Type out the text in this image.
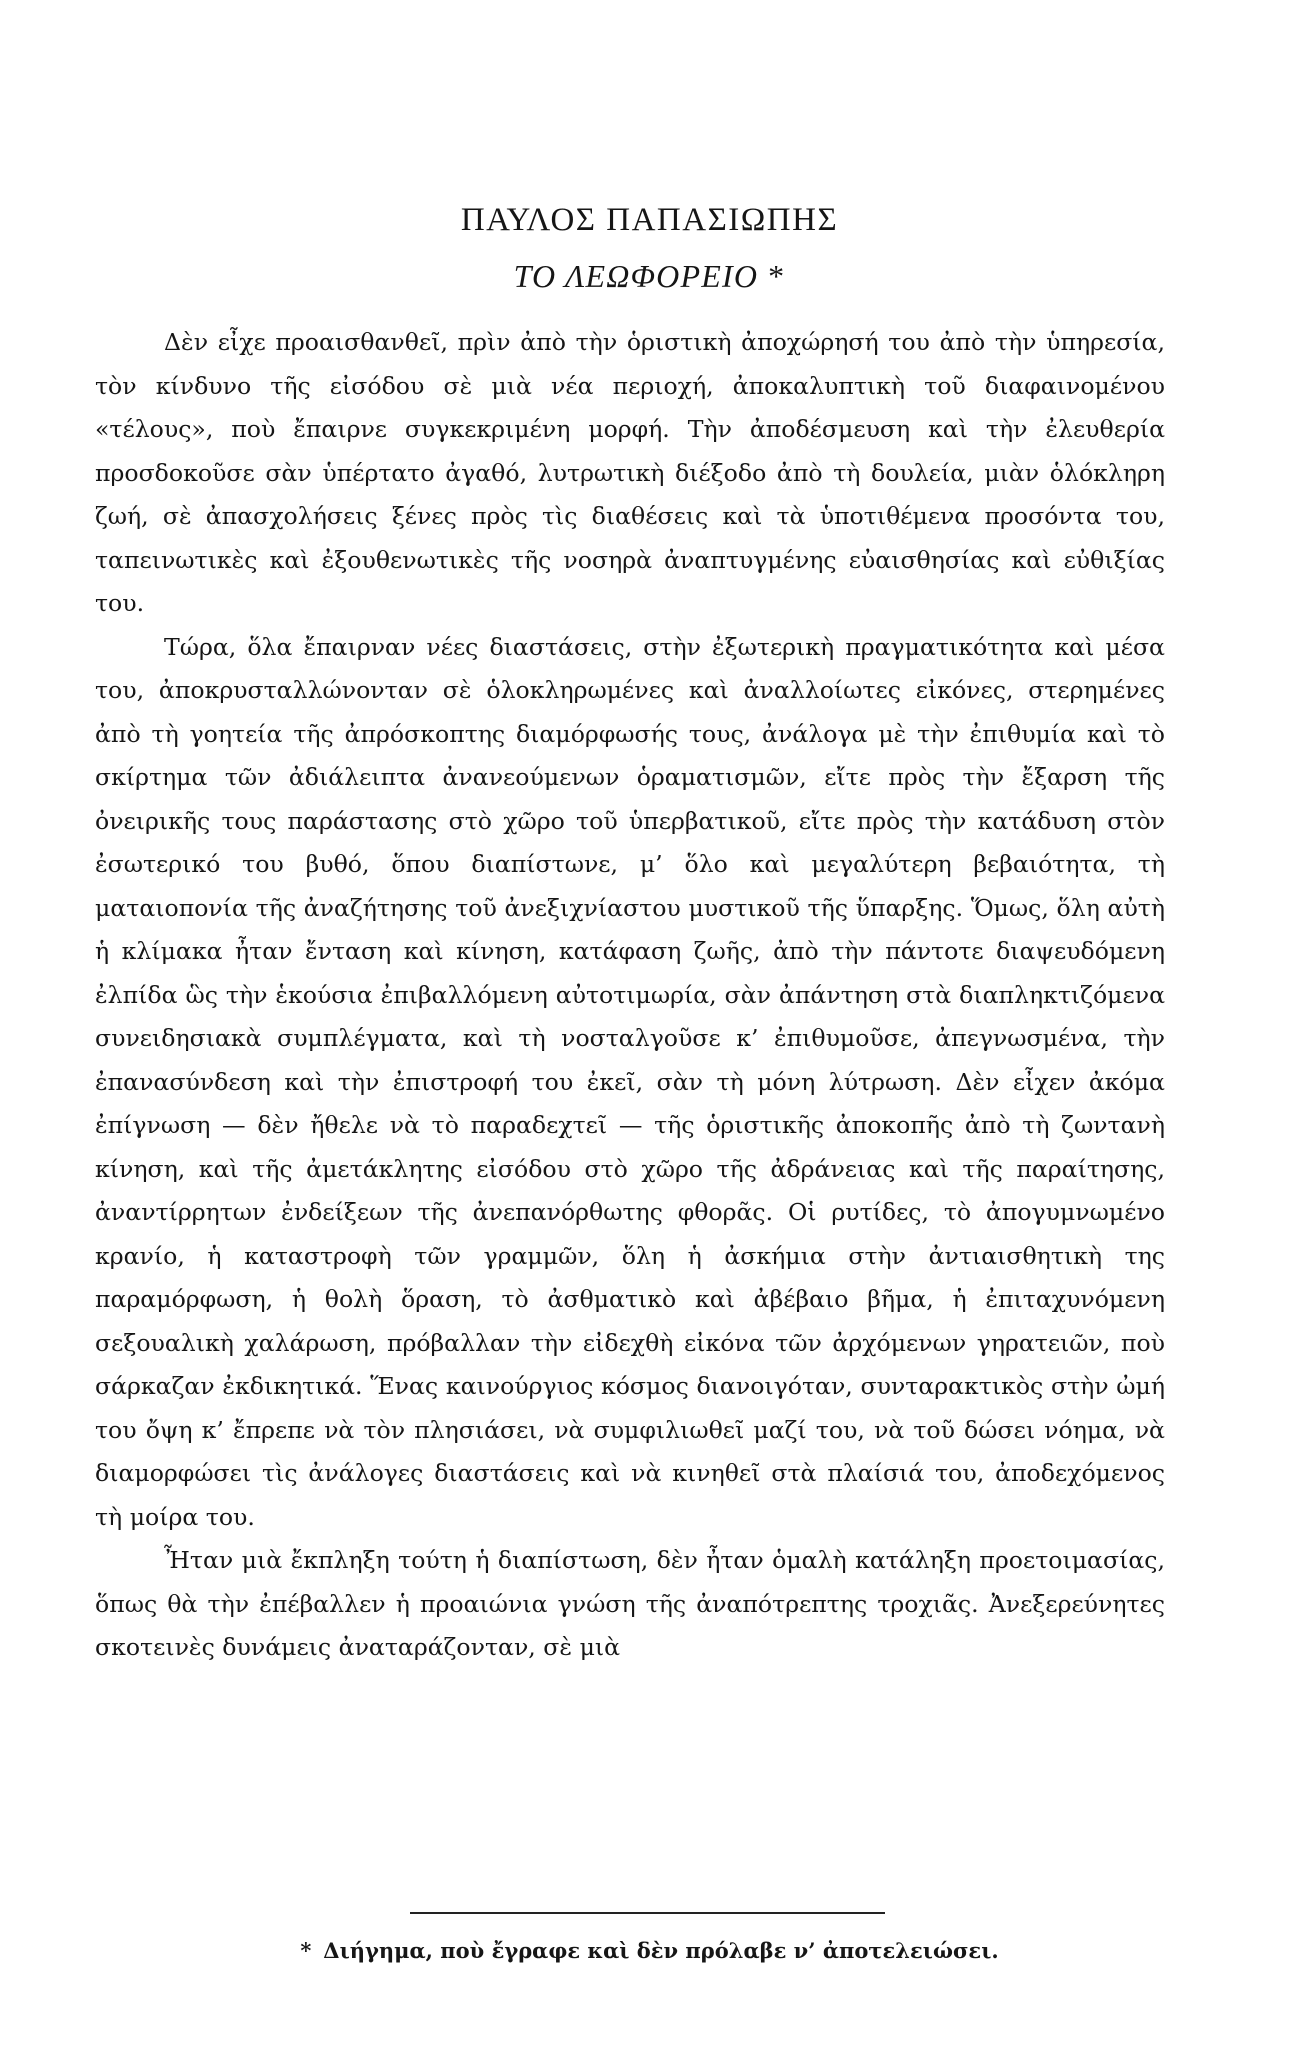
ΠΑΥΛΟΣ ΠΑΠΑΣΙΩΠΗΣ
ΤΟ ΛΕΩΦΟΡΕΙΟ *

Δὲν εἶχε προαισθανθεῖ, πρὶν ἀπὸ τὴν ὁριστικὴ ἀποχώρησή του ἀπὸ τὴν ὑπηρεσία, τὸν κίνδυνο τῆς εἰσόδου σὲ μιὰ νέα περιοχή, ἀποκαλυπτικὴ τοῦ διαφαινομένου «τέλους», ποὺ ἔπαιρνε συγκεκριμένη μορφή. Τὴν ἀποδέσμευση καὶ τὴν ἐλευθερία προσδοκοῦσε σὰν ὑπέρτατο ἀγαθό, λυτρωτικὴ διέξοδο ἀπὸ τὴ δουλεία, μιὰν ὁλόκληρη ζωή, σὲ ἀπασχολήσεις ξένες πρὸς τὶς διαθέσεις καὶ τὰ ὑποτιθέμενα προσόντα του, ταπεινωτικὲς καὶ ἐξουθενωτικὲς τῆς νοσηρὰ ἀναπτυγμένης εὐαισθησίας καὶ εὐθιξίας του.

Τώρα, ὅλα ἔπαιρναν νέες διαστάσεις, στὴν ἐξωτερικὴ πραγματικότητα καὶ μέσα του, ἀποκρυσταλλώνονταν σὲ ὁλοκληρωμένες καὶ ἀναλλοίωτες εἰκόνες, στερημένες ἀπὸ τὴ γοητεία τῆς ἀπρόσκοπτης διαμόρφωσής τους, ἀνάλογα μὲ τὴν ἐπιθυμία καὶ τὸ σκίρτημα τῶν ἀδιάλειπτα ἀνανεούμενων ὁραματισμῶν, εἴτε πρὸς τὴν ἔξαρση τῆς ὀνειρικῆς τους παράστασης στὸ χῶρο τοῦ ὑπερβατικοῦ, εἴτε πρὸς τὴν κατάδυση στὸν ἐσωτερικό του βυθό, ὅπου διαπίστωνε, μ’ ὅλο καὶ μεγαλύτερη βεβαιότητα, τὴ ματαιοπονία τῆς ἀναζήτησης τοῦ ἀνεξιχνίαστου μυστικοῦ τῆς ὕπαρξης. Ὅμως, ὅλη αὐτὴ ἡ κλίμακα ἦταν ἔνταση καὶ κίνηση, κατάφαση ζωῆς, ἀπὸ τὴν πάντοτε διαψευδόμενη ἐλπίδα ὣς τὴν ἑκούσια ἐπιβαλλόμενη αὐτοτιμωρία, σὰν ἀπάντηση στὰ διαπληκτιζόμενα συνειδησιακὰ συμπλέγματα, καὶ τὴ νοσταλγοῦσε κ’ ἐπιθυμοῦσε, ἀπεγνωσμένα, τὴν ἐπανασύνδεση καὶ τὴν ἐπιστροφή του ἐκεῖ, σὰν τὴ μόνη λύτρωση. Δὲν εἶχεν ἀκόμα ἐπίγνωση — δὲν ἤθελε νὰ τὸ παραδεχτεῖ — τῆς ὁριστικῆς ἀποκοπῆς ἀπὸ τὴ ζωντανὴ κίνηση, καὶ τῆς ἀμετάκλητης εἰσόδου στὸ χῶρο τῆς ἀδράνειας καὶ τῆς παραίτησης, ἀναντίρρητων ἐνδείξεων τῆς ἀνεπανόρθωτης φθορᾶς. Οἱ ρυτίδες, τὸ ἀπογυμνωμένο κρανίο, ἡ καταστροφὴ τῶν γραμμῶν, ὅλη ἡ ἀσκήμια στὴν ἀντιαισθητικὴ της παραμόρφωση, ἡ θολὴ ὅραση, τὸ ἀσθματικὸ καὶ ἀβέβαιο βῆμα, ἡ ἐπιταχυνόμενη σεξουαλικὴ χαλάρωση, πρόβαλλαν τὴν εἰδεχθὴ εἰκόνα τῶν ἀρχόμενων γηρατειῶν, ποὺ σάρκαζαν ἐκδικητικά. Ἕνας καινούργιος κόσμος διανοιγόταν, συνταρακτικὸς στὴν ὠμή του ὄψη κ’ ἔπρεπε νὰ τὸν πλησιάσει, νὰ συμφιλιωθεῖ μαζί του, νὰ τοῦ δώσει νόημα, νὰ διαμορφώσει τὶς ἀνάλογες διαστάσεις καὶ νὰ κινηθεῖ στὰ πλαίσιά του, ἀποδεχόμενος τὴ μοίρα του.

Ἦταν μιὰ ἔκπληξη τούτη ἡ διαπίστωση, δὲν ἦταν ὁμαλὴ κατάληξη προετοιμασίας, ὅπως θὰ τὴν ἐπέβαλλεν ἡ προαιώνια γνώση τῆς ἀναπότρεπτης τροχιᾶς. Ἀνεξερεύνητες σκοτεινὲς δυνάμεις ἀναταράζονταν, σὲ μιὰ

* Διήγημα, ποὺ ἔγραφε καὶ δὲν πρόλαβε ν’ ἀποτελειώσει.
